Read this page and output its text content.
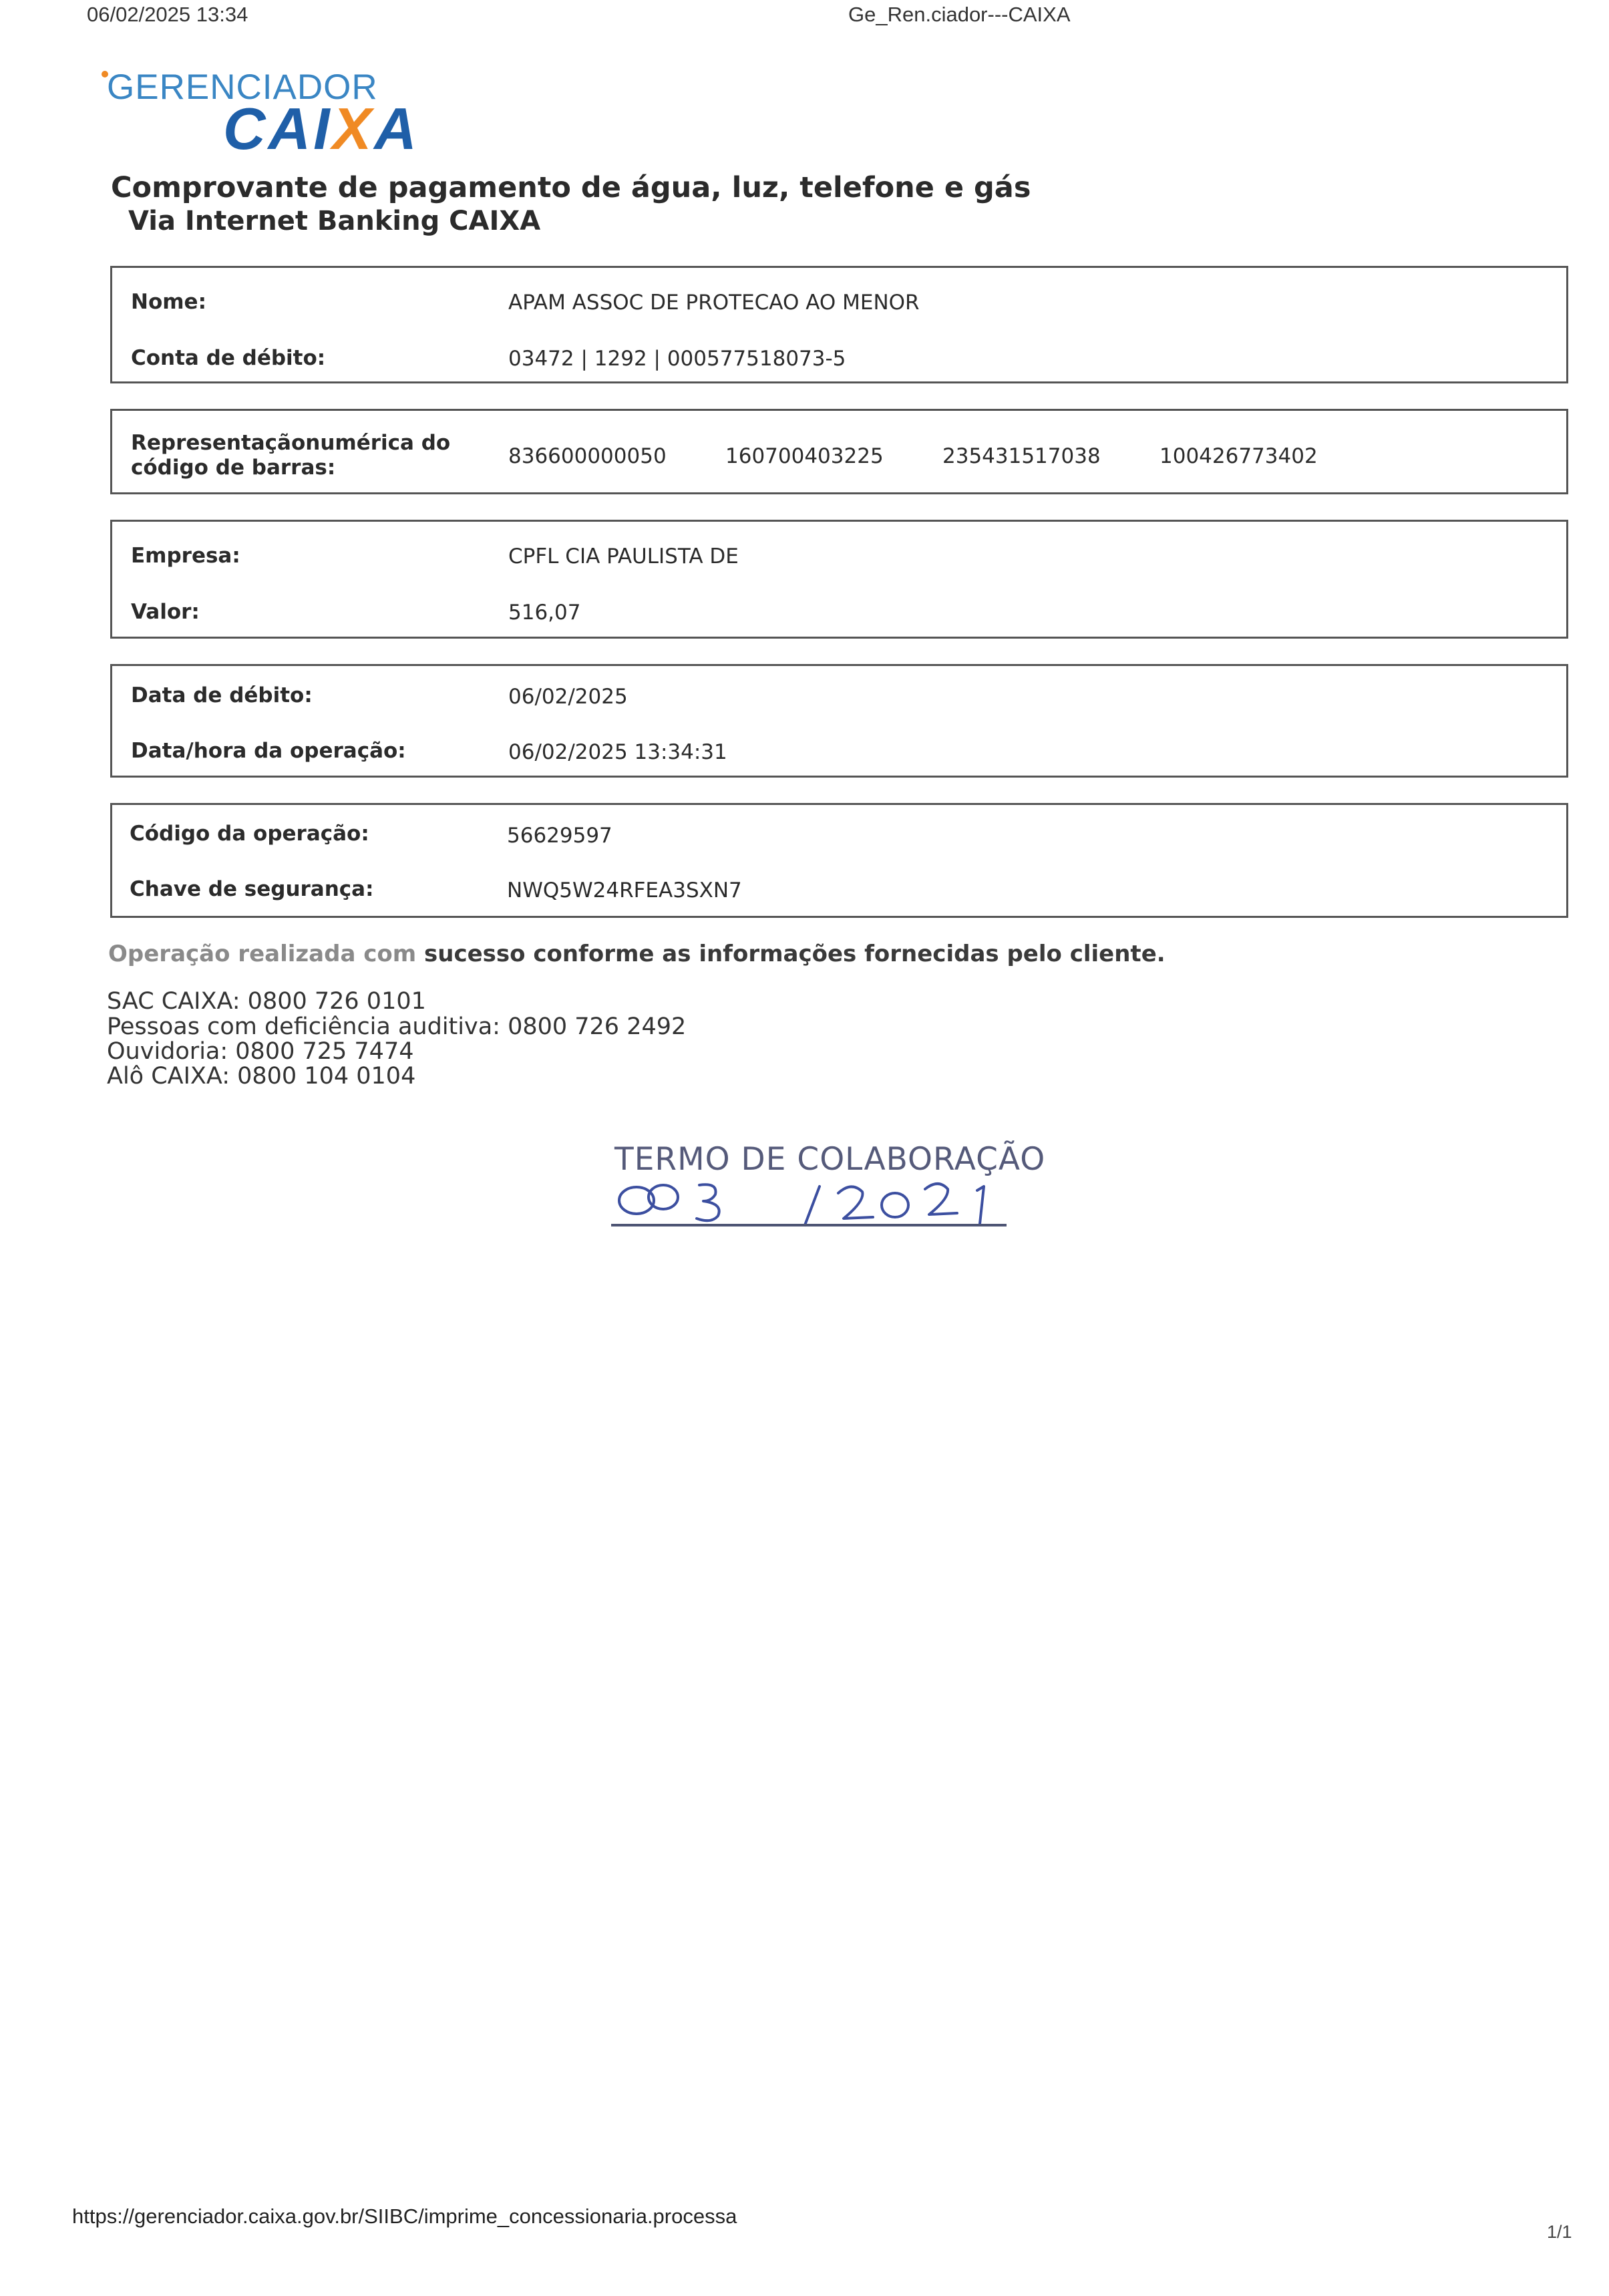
06/02/2025 13:34	Ge_Ren.ciador---CAIXA
GERENCIADOR
CAIXA
Comprovante de pagamento de água, luz, telefone e gás
Via Internet Banking CAIXA
Nome:	APAM ASSOC DE PROTECAO AO MENOR
Conta de débito:	03472 | 1292 | 000577518073-5
Representaçãonumérica do
código de barras:	836600000050	160700403225	235431517038	100426773402
Empresa:	CPFL CIA PAULISTA DE
Valor:	516,07
Data de débito:	06/02/2025
Data/hora da operação:	06/02/2025 13:34:31
Código da operação:	56629597
Chave de segurança:	NWQ5W24RFEA3SXN7
Operação realizada com sucesso conforme as informações fornecidas pelo cliente.
SAC CAIXA: 0800 726 0101
Pessoas com deficiência auditiva: 0800 726 2492
Ouvidoria: 0800 725 7474
Alô CAIXA: 0800 104 0104
TERMO DE COLABORAÇÃO
https://gerenciador.caixa.gov.br/SIIBC/imprime_concessionaria.processa
1/1
